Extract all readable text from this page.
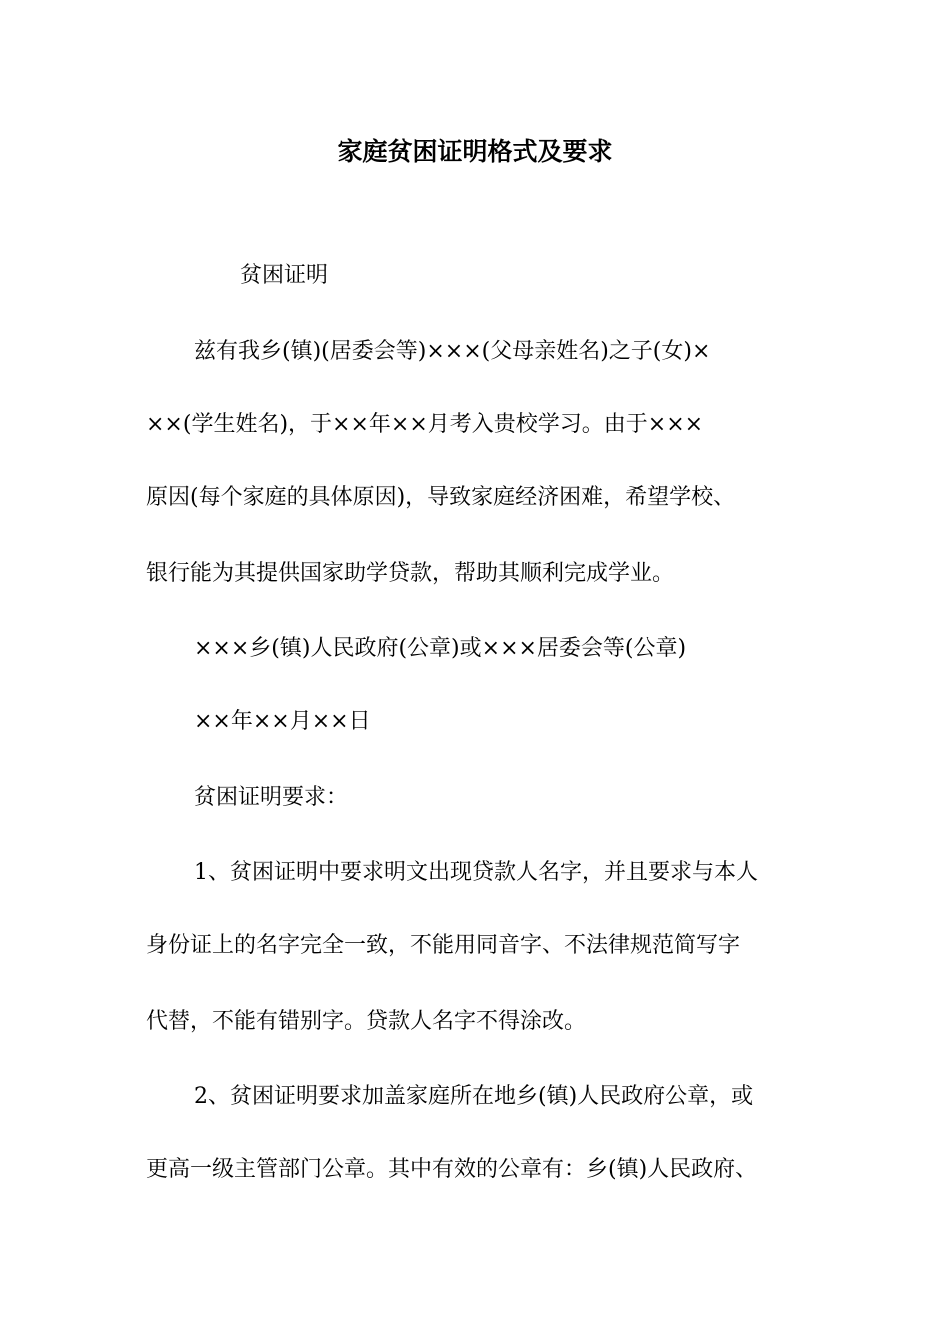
家庭贫困证明格式及要求
贫困证明
兹有我乡(镇)(居委会等)×××(父母亲姓名)之子(女)×
××(学生姓名)，于××年××月考入贵校学习。由于×××
原因(每个家庭的具体原因)，导致家庭经济困难，希望学校、
银行能为其提供国家助学贷款，帮助其顺利完成学业。
×××乡(镇)人民政府(公章)或×××居委会等(公章)
××年××月××日
贫困证明要求：
1、贫困证明中要求明文出现贷款人名字，并且要求与本人
身份证上的名字完全一致，不能用同音字、不法律规范简写字
代替，不能有错别字。贷款人名字不得涂改。
2、贫困证明要求加盖家庭所在地乡(镇)人民政府公章，或
更高一级主管部门公章。其中有效的公章有：乡(镇)人民政府、
